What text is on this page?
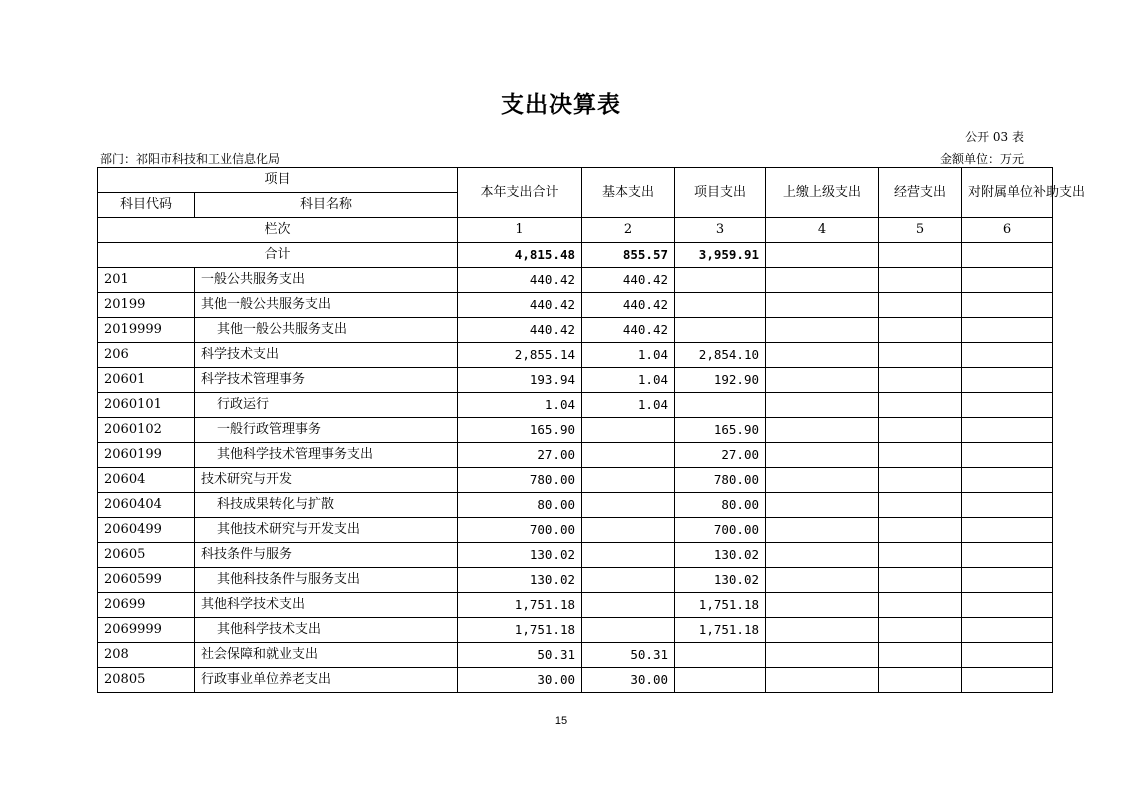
支出决算表
公开 03 表
部门：祁阳市科技和工业信息化局	金额单位：万元
项目		本年支出合计	基本支出	项目支出	上缴上级支出	经营支出	对附属单位补助支出
科目代码	科目名称						
栏次		1	2	3	4	5	6
合计		4,815.48	855.57	3,959.91			
201	一般公共服务支出	440.42	440.42				
20199	其他一般公共服务支出	440.42	440.42				
2019999	其他一般公共服务支出	440.42	440.42				
206	科学技术支出	2,855.14	1.04	2,854.10			
20601	科学技术管理事务	193.94	1.04	192.90			
2060101	行政运行	1.04	1.04				
2060102	一般行政管理事务	165.90		165.90			
2060199	其他科学技术管理事务支出	27.00		27.00			
20604	技术研究与开发	780.00		780.00			
2060404	科技成果转化与扩散	80.00		80.00			
2060499	其他技术研究与开发支出	700.00		700.00			
20605	科技条件与服务	130.02		130.02			
2060599	其他科技条件与服务支出	130.02		130.02			
20699	其他科学技术支出	1,751.18		1,751.18			
2069999	其他科学技术支出	1,751.18		1,751.18			
208	社会保障和就业支出	50.31	50.31				
20805	行政事业单位养老支出	30.00	30.00				
15
